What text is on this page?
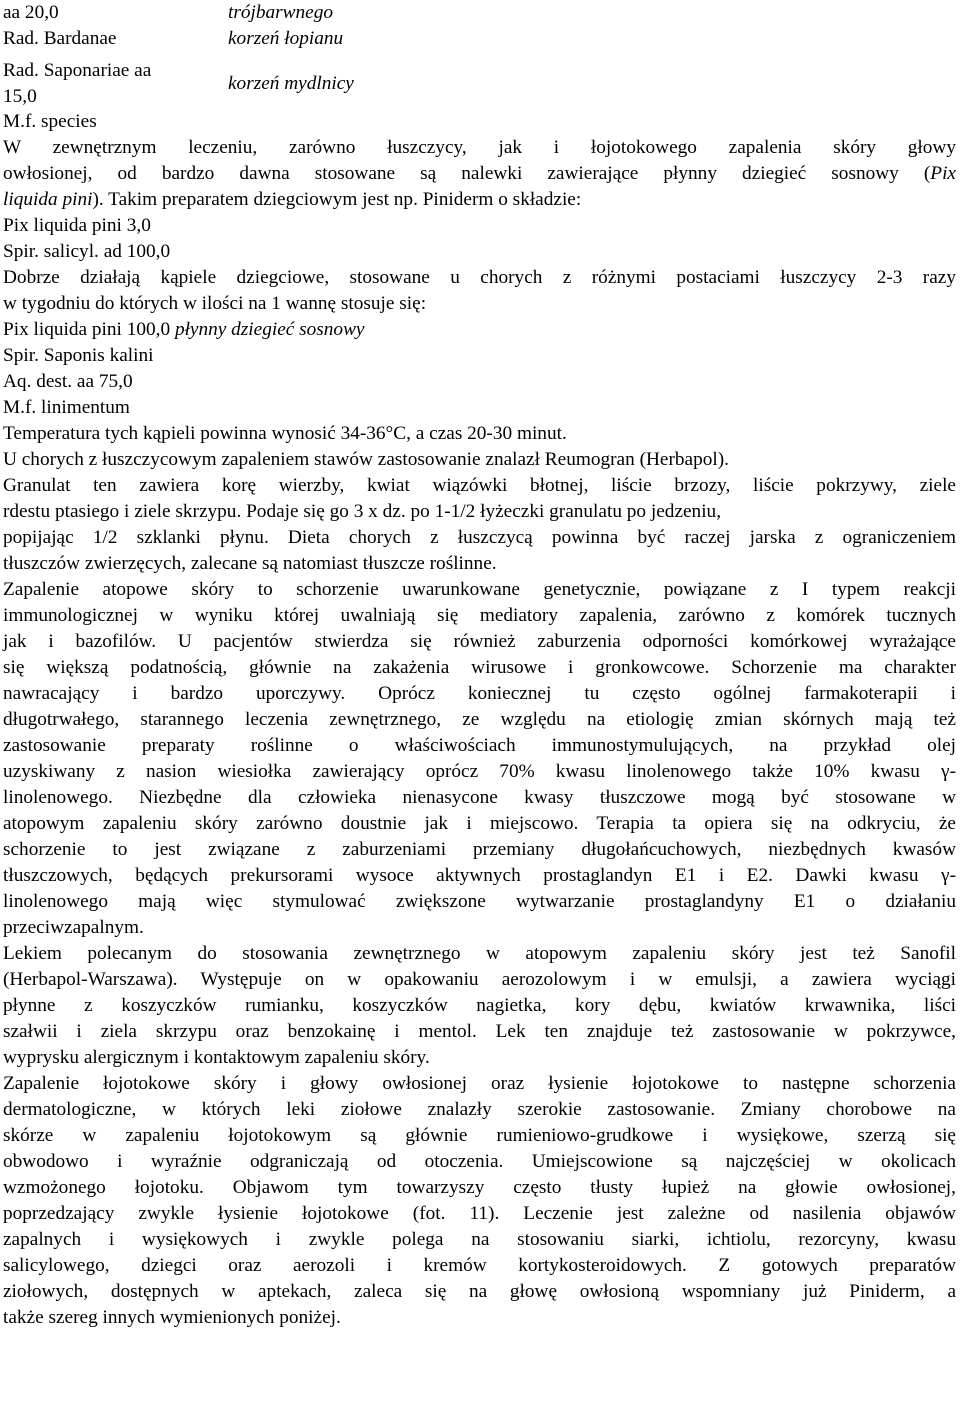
aa 20,0	trójbarwnego
Rad. Bardanae	korzeń łopianu
Rad. Saponariae aa
15,0
korzeń mydlnicy
M.f. species
W zewnętrznym leczeniu, zarówno łuszczycy, jak i łojotokowego zapalenia skóry głowy
owłosionej, od bardzo dawna stosowane są nalewki zawierające płynny dziegieć sosnowy (Pix
liquida pini). Takim preparatem dziegciowym jest np. Piniderm o składzie:
Pix liquida pini 3,0
Spir. salicyl. ad 100,0
Dobrze działają kąpiele dziegciowe, stosowane u chorych z różnymi postaciami łuszczycy 2-3 razy
w tygodniu do których w ilości na 1 wannę stosuje się:
Pix liquida pini 100,0 płynny dziegieć sosnowy
Spir. Saponis kalini
Aq. dest. aa 75,0
M.f. linimentum
Temperatura tych kąpieli powinna wynosić 34-36°C, a czas 20-30 minut.
U chorych z łuszczycowym zapaleniem stawów zastosowanie znalazł Reumogran (Herbapol).
Granulat ten zawiera korę wierzby, kwiat wiązówki błotnej, liście brzozy, liście pokrzywy, ziele
rdestu ptasiego i ziele skrzypu. Podaje się go 3 x dz. po 1-1/2 łyżeczki granulatu po jedzeniu,
popijając 1/2 szklanki płynu. Dieta chorych z łuszczycą powinna być raczej jarska z ograniczeniem
tłuszczów zwierzęcych, zalecane są natomiast tłuszcze roślinne.
Zapalenie atopowe skóry to schorzenie uwarunkowane genetycznie, powiązane z I typem reakcji
immunologicznej w wyniku której uwalniają się mediatory zapalenia, zarówno z komórek tucznych
jak i bazofilów. U pacjentów stwierdza się również zaburzenia odporności komórkowej wyrażające
się większą podatnością, głównie na zakażenia wirusowe i gronkowcowe. Schorzenie ma charakter
nawracający i bardzo uporczywy. Oprócz koniecznej tu często ogólnej farmakoterapii i
długotrwałego, starannego leczenia zewnętrznego, ze względu na etiologię zmian skórnych mają też
zastosowanie preparaty roślinne o właściwościach immunostymulujących, na przykład olej
uzyskiwany z nasion wiesiołka zawierający oprócz 70% kwasu linolenowego także 10% kwasu γ-
linolenowego. Niezbędne dla człowieka nienasycone kwasy tłuszczowe mogą być stosowane w
atopowym zapaleniu skóry zarówno doustnie jak i miejscowo. Terapia ta opiera się na odkryciu, że
schorzenie to jest związane z zaburzeniami przemiany długołańcuchowych, niezbędnych kwasów
tłuszczowych, będących prekursorami wysoce aktywnych prostaglandyn E1 i E2. Dawki kwasu γ-
linolenowego mają więc stymulować zwiększone wytwarzanie prostaglandyny E1 o działaniu
przeciwzapalnym.
Lekiem polecanym do stosowania zewnętrznego w atopowym zapaleniu skóry jest też Sanofil
(Herbapol-Warszawa). Występuje on w opakowaniu aerozolowym i w emulsji, a zawiera wyciągi
płynne z koszyczków rumianku, koszyczków nagietka, kory dębu, kwiatów krwawnika, liści
szałwii i ziela skrzypu oraz benzokainę i mentol. Lek ten znajduje też zastosowanie w pokrzywce,
wyprysku alergicznym i kontaktowym zapaleniu skóry.
Zapalenie łojotokowe skóry i głowy owłosionej oraz łysienie łojotokowe to następne schorzenia
dermatologiczne, w których leki ziołowe znalazły szerokie zastosowanie. Zmiany chorobowe na
skórze w zapaleniu łojotokowym są głównie rumieniowo-grudkowe i wysiękowe, szerzą się
obwodowo i wyraźnie odgraniczają od otoczenia. Umiejscowione są najczęściej w okolicach
wzmożonego łojotoku. Objawom tym towarzyszy często tłusty łupież na głowie owłosionej,
poprzedzający zwykle łysienie łojotokowe (fot. 11). Leczenie jest zależne od nasilenia objawów
zapalnych i wysiękowych i zwykle polega na stosowaniu siarki, ichtiolu, rezorcyny, kwasu
salicylowego, dziegci oraz aerozoli i kremów kortykosteroidowych. Z gotowych preparatów
ziołowych, dostępnych w aptekach, zaleca się na głowę owłosioną wspomniany już Piniderm, a
także szereg innych wymienionych poniżej.
